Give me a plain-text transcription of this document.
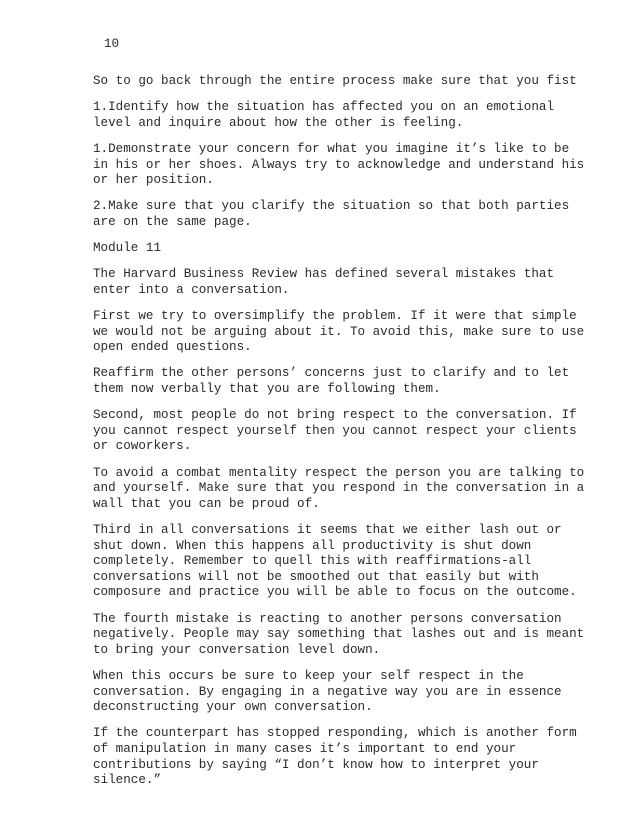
10

So to go back through the entire process make sure that you fist

1.Identify how the situation has affected you on an emotional
level and inquire about how the other is feeling.

1.Demonstrate your concern for what you imagine it’s like to be
in his or her shoes. Always try to acknowledge and understand his
or her position.

2.Make sure that you clarify the situation so that both parties
are on the same page.

Module 11

The Harvard Business Review has defined several mistakes that
enter into a conversation.

First we try to oversimplify the problem. If it were that simple
we would not be arguing about it. To avoid this, make sure to use
open ended questions.

Reaffirm the other persons’ concerns just to clarify and to let
them now verbally that you are following them.

Second, most people do not bring respect to the conversation. If
you cannot respect yourself then you cannot respect your clients
or coworkers.

To avoid a combat mentality respect the person you are talking to
and yourself. Make sure that you respond in the conversation in a
wall that you can be proud of.

Third in all conversations it seems that we either lash out or
shut down. When this happens all productivity is shut down
completely. Remember to quell this with reaffirmations-all
conversations will not be smoothed out that easily but with
composure and practice you will be able to focus on the outcome.

The fourth mistake is reacting to another persons conversation
negatively. People may say something that lashes out and is meant
to bring your conversation level down.

When this occurs be sure to keep your self respect in the
conversation. By engaging in a negative way you are in essence
deconstructing your own conversation.

If the counterpart has stopped responding, which is another form
of manipulation in many cases it’s important to end your
contributions by saying “I don’t know how to interpret your
silence.”
